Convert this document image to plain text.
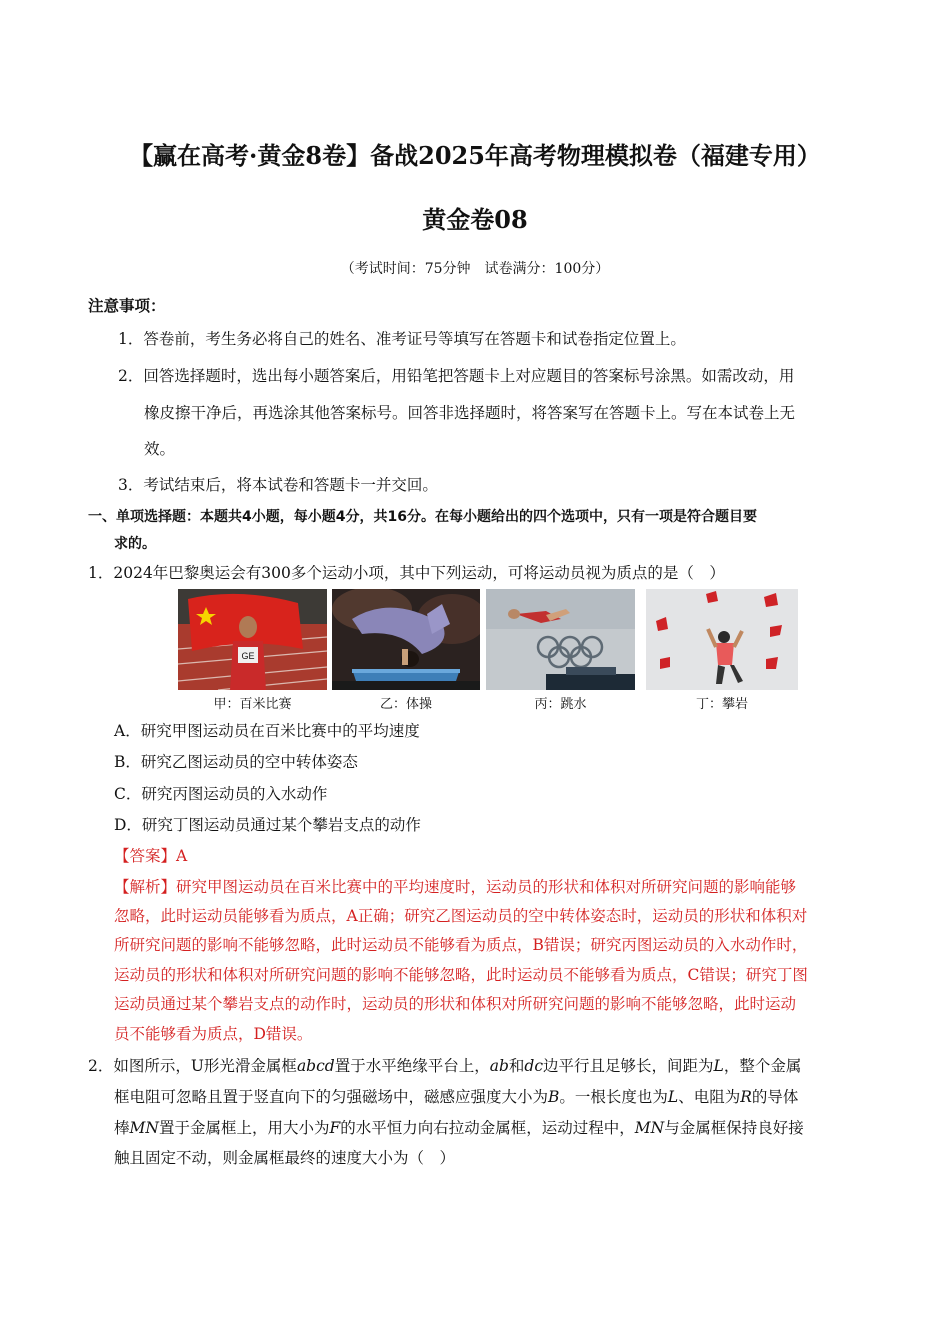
【赢在高考·黄金8卷】备战2025年高考物理模拟卷（福建专用）
黄金卷08
（考试时间：75分钟　试卷满分：100分）
注意事项：
1．答卷前，考生务必将自己的姓名、准考证号等填写在答题卡和试卷指定位置上。
2．回答选择题时，选出每小题答案后，用铅笔把答题卡上对应题目的答案标号涂黑。如需改动，用
橡皮擦干净后，再选涂其他答案标号。回答非选择题时，将答案写在答题卡上。写在本试卷上无
效。
3．考试结束后，将本试卷和答题卡一并交回。
一、单项选择题：本题共4小题，每小题4分，共16分。在每小题给出的四个选项中，只有一项是符合题目要
求的。
1．2024年巴黎奥运会有300多个运动小项，其中下列运动，可将运动员视为质点的是（　）
GE
甲：百米比赛	乙：体操	丙：跳水	丁：攀岩
A．研究甲图运动员在百米比赛中的平均速度
B．研究乙图运动员的空中转体姿态
C．研究丙图运动员的入水动作
D．研究丁图运动员通过某个攀岩支点的动作
【答案】A
【解析】研究甲图运动员在百米比赛中的平均速度时，运动员的形状和体积对所研究问题的影响能够
忽略，此时运动员能够看为质点，A正确；研究乙图运动员的空中转体姿态时，运动员的形状和体积对
所研究问题的影响不能够忽略，此时运动员不能够看为质点，B错误；研究丙图运动员的入水动作时，
运动员的形状和体积对所研究问题的影响不能够忽略，此时运动员不能够看为质点，C错误；研究丁图
运动员通过某个攀岩支点的动作时，运动员的形状和体积对所研究问题的影响不能够忽略，此时运动
员不能够看为质点，D错误。
2．如图所示，U形光滑金属框abcd置于水平绝缘平台上，ab和dc边平行且足够长，间距为L，整个金属
框电阻可忽略且置于竖直向下的匀强磁场中，磁感应强度大小为B。一根长度也为L、电阻为R的导体
棒MN置于金属框上，用大小为F的水平恒力向右拉动金属框，运动过程中，MN与金属框保持良好接
触且固定不动，则金属框最终的速度大小为（　）
